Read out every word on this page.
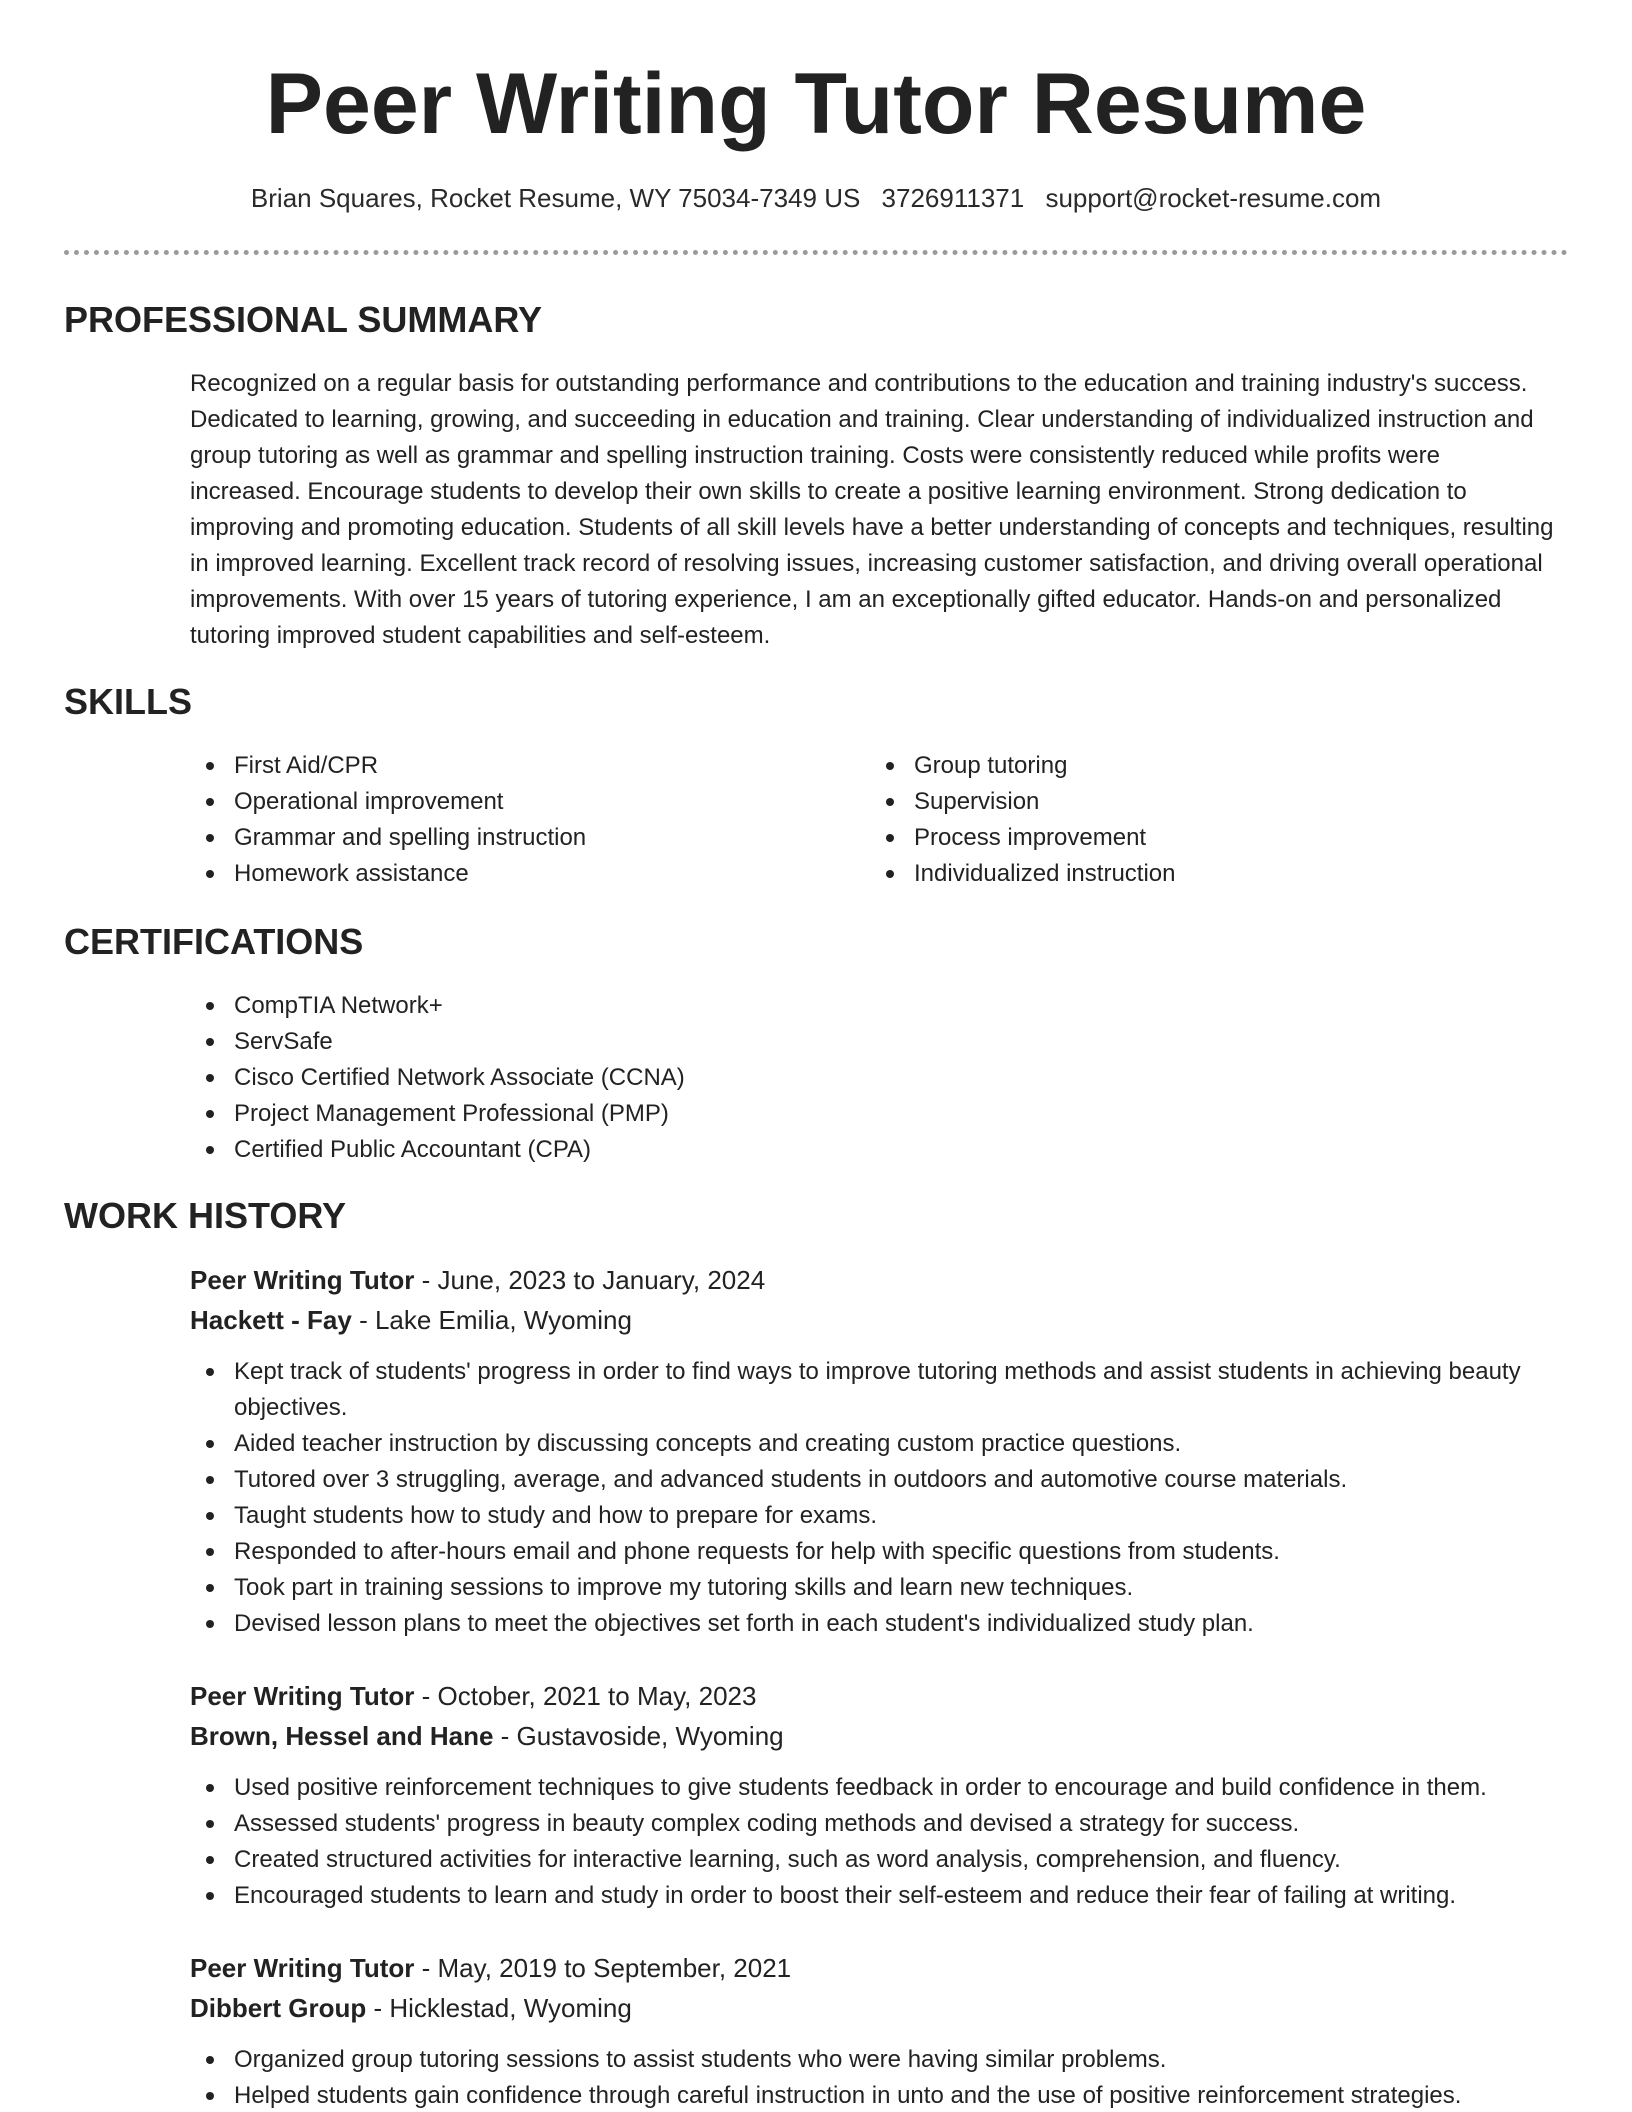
Peer Writing Tutor Resume
Brian Squares, Rocket Resume, WY 75034-7349 US 3726911371 support@rocket-resume.com
PROFESSIONAL SUMMARY

Recognized on a regular basis for outstanding performance and contributions to the education and training industry's success. Dedicated to learning, growing, and succeeding in education and training. Clear understanding of individualized instruction and group tutoring as well as grammar and spelling instruction training. Costs were consistently reduced while profits were increased. Encourage students to develop their own skills to create a positive learning environment. Strong dedication to improving and promoting education. Students of all skill levels have a better understanding of concepts and techniques, resulting in improved learning. Excellent track record of resolving issues, increasing customer satisfaction, and driving overall operational improvements. With over 15 years of tutoring experience, I am an exceptionally gifted educator. Hands-on and personalized tutoring improved student capabilities and self-esteem.

SKILLS
First Aid/CPR
Operational improvement
Grammar and spelling instruction
Homework assistance
Group tutoring
Supervision
Process improvement
Individualized instruction
CERTIFICATIONS
CompTIA Network+
ServSafe
Cisco Certified Network Associate (CCNA)
Project Management Professional (PMP)
Certified Public Accountant (CPA)
WORK HISTORY
Peer Writing Tutor - June, 2023 to January, 2024
Hackett - Fay - Lake Emilia, Wyoming
Kept track of students' progress in order to find ways to improve tutoring methods and assist students in achieving beauty objectives.
Aided teacher instruction by discussing concepts and creating custom practice questions.
Tutored over 3 struggling, average, and advanced students in outdoors and automotive course materials.
Taught students how to study and how to prepare for exams.
Responded to after-hours email and phone requests for help with specific questions from students.
Took part in training sessions to improve my tutoring skills and learn new techniques.
Devised lesson plans to meet the objectives set forth in each student's individualized study plan.
Peer Writing Tutor - October, 2021 to May, 2023
Brown, Hessel and Hane - Gustavoside, Wyoming
Used positive reinforcement techniques to give students feedback in order to encourage and build confidence in them.
Assessed students' progress in beauty complex coding methods and devised a strategy for success.
Created structured activities for interactive learning, such as word analysis, comprehension, and fluency.
Encouraged students to learn and study in order to boost their self-esteem and reduce their fear of failing at writing.
Peer Writing Tutor - May, 2019 to September, 2021
Dibbert Group - Hicklestad, Wyoming
Organized group tutoring sessions to assist students who were having similar problems.
Helped students gain confidence through careful instruction in unto and the use of positive reinforcement strategies.
